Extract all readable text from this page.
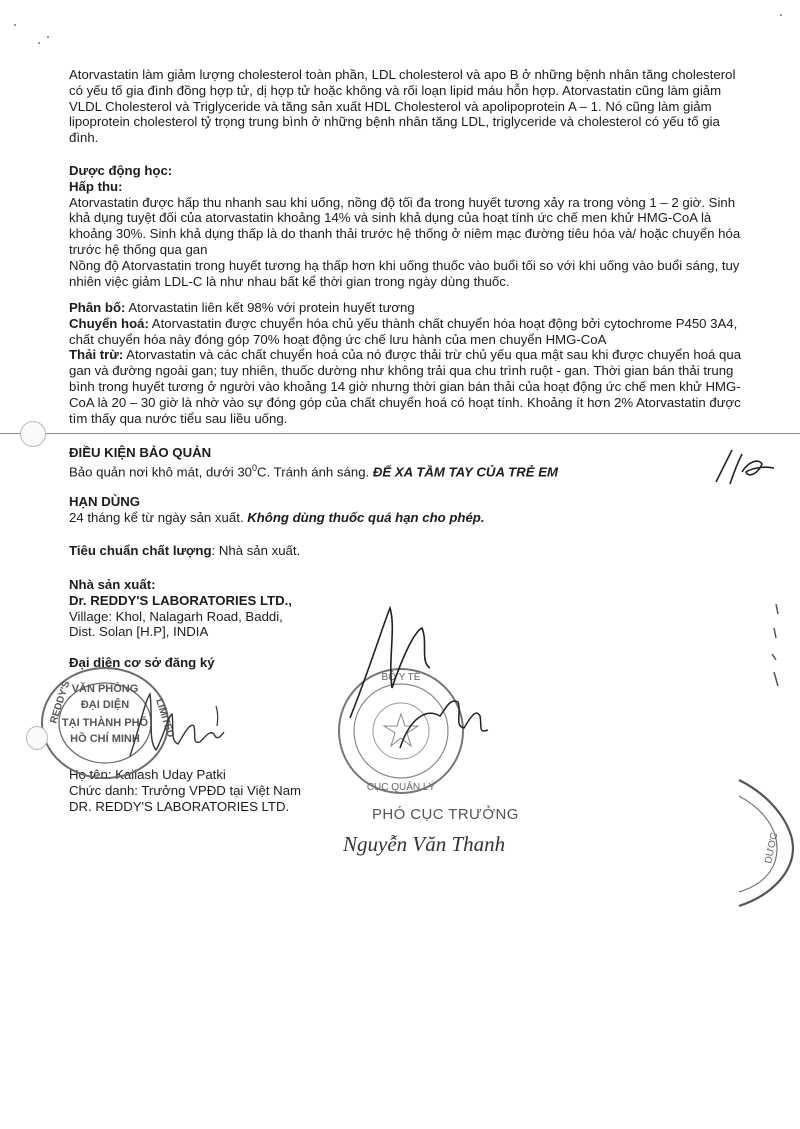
Atorvastatin làm giảm lượng cholesterol toàn phần, LDL cholesterol và apo B ở những bệnh nhân tăng cholesterol có yếu tố gia đình đồng hợp tử, dị hợp tử hoặc không và rối loạn lipid máu hỗn hợp. Atorvastatin cũng làm giảm VLDL Cholesterol và Triglyceride và tăng sản xuất HDL Cholesterol và apolipoprotein A – 1. Nó cũng làm giảm lipoprotein cholesterol tỷ trọng trung bình ở những bệnh nhân tăng LDL, triglyceride và cholesterol có yếu tố gia đình.

Dược động học:

Hấp thu:

Atorvastatin được hấp thu nhanh sau khi uống, nồng độ tối đa trong huyết tương xảy ra trong vòng 1 – 2 giờ. Sinh khả dụng tuyệt đối của atorvastatin khoảng 14% và sinh khả dụng của hoạt tính ức chế men khử HMG-CoA là khoảng 30%. Sinh khả dụng thấp là do thanh thải trước hệ thống ở niêm mạc đường tiêu hóa và/ hoặc chuyển hóa trước hệ thống qua gan

Nồng độ Atorvastatin trong huyết tương hạ thấp hơn khi uống thuốc vào buổi tối so với khi uống vào buổi sáng, tuy nhiên việc giảm LDL-C là như nhau bất kể thời gian trong ngày dùng thuốc.

Phân bố: Atorvastatin liên kết 98% với protein huyết tương

Chuyển hoá: Atorvastatin được chuyển hóa chủ yếu thành chất chuyển hóa hoạt động bởi cytochrome P450 3A4, chất chuyển hóa này đóng góp 70% hoạt động ức chế lưu hành của men chuyển HMG-CoA

Thải trừ: Atorvastatin và các chất chuyển hoá của nó được thải trừ chủ yếu qua mật sau khi được chuyển hoá qua gan và đường ngoài gan; tuy nhiên, thuốc dường như không trải qua chu trình ruột - gan. Thời gian bán thải trung bình trong huyết tương ở người vào khoảng 14 giờ nhưng thời gian bán thải của hoạt động ức chế men khử HMG-CoA là 20 – 30 giờ là nhờ vào sự đóng góp của chất chuyển hoá có hoạt tính. Khoảng ít hơn 2% Atorvastatin được tìm thấy qua nước tiểu sau liều uống.

ĐIỀU KIỆN BẢO QUẢN

Bảo quản nơi khô mát, dưới $30^0C$. Tránh ánh sáng. ĐỂ XA TẦM TAY CỦA TRẺ EM

HẠN DÙNG

24 tháng kể từ ngày sản xuất. Không dùng thuốc quá hạn cho phép.

Tiêu chuẩn chất lượng: Nhà sản xuất.

Nhà sản xuất:

Dr. REDDY'S LABORATORIES LTD.,

Village: Khol, Nalagarh Road, Baddi,

Dist. Solan [H.P], INDIA

Đại diện cơ sở đăng ký

Họ tên: Kailash Uday Patki

Chức danh: Trưởng VPĐD tại Việt Nam

DR. REDDY'S LABORATORIES LTD.

REDDY'S	LIMITED
VĂN PHÒNG
ĐẠI DIỆN
TẠI THÀNH PHỐ
HỒ CHÍ MINH
BỘ Y TẾ
CỤC QUẢN LÝ
PHÓ CỤC TRƯỞNG
Nguyễn Văn Thanh	DƯỢC
